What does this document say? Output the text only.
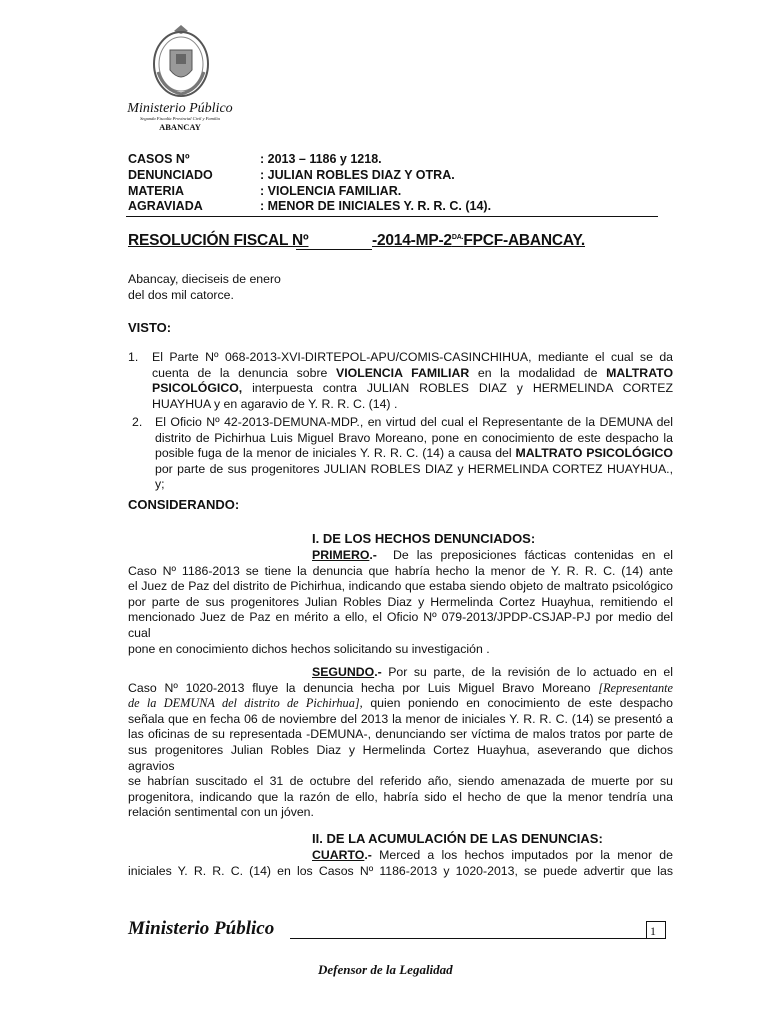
Ministerio Público
Segunda Fiscalía Provincial Civil y Familia
ABANCAY
CASOS Nº	: 2013 – 1186 y 1218.
DENUNCIADO	: JULIAN ROBLES DIAZ Y OTRA.
MATERIA	: VIOLENCIA FAMILIAR.
AGRAVIADA	: MENOR DE INICIALES Y. R. R. C. (14).
RESOLUCIÓN FISCAL Nº	$-2014-MP-2^{DA.}FPCF$-ABANCAY.
Abancay, dieciseis de enero
del dos mil catorce.
VISTO:
1. El Parte Nº 068-2013-XVI-DIRTEPOL-APU/COMIS-CASINCHIHUA, mediante el cual se da
cuenta de la denuncia sobre VIOLENCIA FAMILIAR en la modalidad de MALTRATO
PSICOLÓGICO, interpuesta contra JULIAN ROBLES DIAZ y HERMELINDA CORTEZ
HUAYHUA y en agaravio de Y. R. R. C. (14) .
2. El Oficio Nº 42-2013-DEMUNA-MDP., en virtud del cual el Representante de la DEMUNA del
distrito de Pichirhua Luis Miguel Bravo Moreano, pone en conocimiento de este despacho la
posible fuga de la menor de iniciales Y. R. R. C. (14) a causa del MALTRATO PSICOLÓGICO
por parte de sus progenitores JULIAN ROBLES DIAZ y HERMELINDA CORTEZ HUAYHUA., y;
CONSIDERANDO:
I. DE LOS HECHOS DENUNCIADOS:
PRIMERO.- De las preposiciones fácticas contenidas en el
Caso Nº 1186-2013 se tiene la denuncia que habría hecho la menor de Y. R. R. C. (14) ante
el Juez de Paz del distrito de Pichirhua, indicando que estaba siendo objeto de maltrato psicológico
por parte de sus progenitores Julian Robles Diaz y Hermelinda Cortez Huayhua, remitiendo el
mencionado Juez de Paz en mérito a ello, el Oficio Nº 079-2013/JPDP-CSJAP-PJ por medio del cual
pone en conocimiento dichos hechos solicitando su investigación .
SEGUNDO.- Por su parte, de la revisión de lo actuado en el
Caso Nº 1020-2013 fluye la denuncia hecha por Luis Miguel Bravo Moreano [Representante
de la DEMUNA del distrito de Pichirhua], quien poniendo en conocimiento de este despacho
señala que en fecha 06 de noviembre del 2013 la menor de iniciales Y. R. R. C. (14) se presentó a
las oficinas de su representada -DEMUNA-, denunciando ser víctima de malos tratos por parte de
sus progenitores Julian Robles Diaz y Hermelinda Cortez Huayhua, aseverando que dichos agravios
se habrían suscitado el 31 de octubre del referido año, siendo amenazada de muerte por su
progenitora, indicando que la razón de ello, habría sido el hecho de que la menor tendría una
relación sentimental con un jóven.
II. DE LA ACUMULACIÓN DE LAS DENUNCIAS:
CUARTO.- Merced a los hechos imputados por la menor de
iniciales Y. R. R. C. (14) en los Casos Nº 1186-2013 y 1020-2013, se puede advertir que las
Ministerio Público	1
Defensor de la Legalidad
